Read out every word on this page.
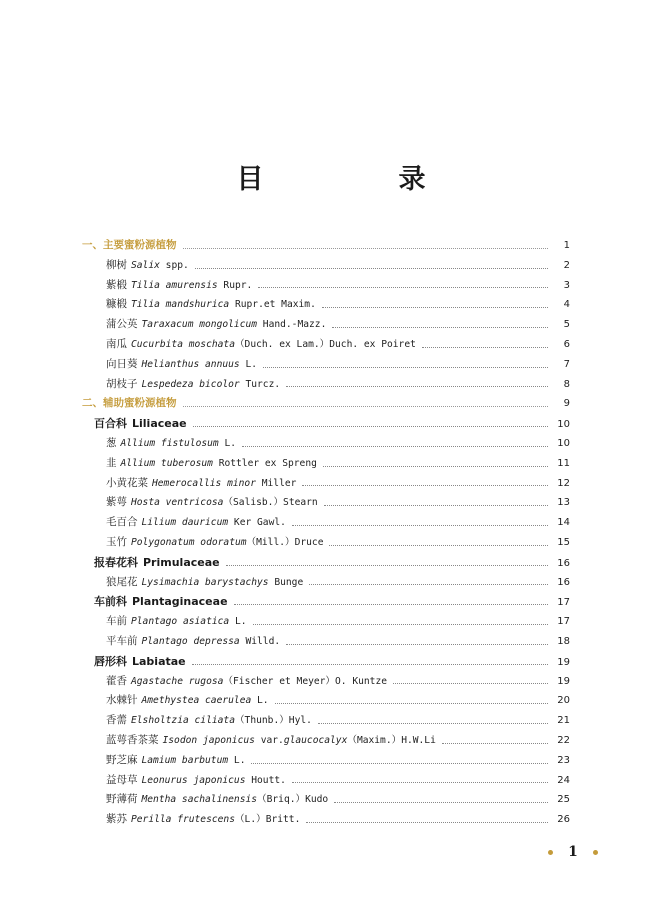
目　录
一、主要蜜粉源植物	1
柳树 Salix spp.	2
紫椴 Tilia amurensis Rupr.	3
糠椴 Tilia mandshurica Rupr.et Maxim.	4
蒲公英 Taraxacum mongolicum Hand.-Mazz.	5
南瓜 Cucurbita moschata（Duch. ex Lam.）Duch. ex Poiret	6
向日葵 Helianthus annuus L.	7
胡枝子 Lespedeza bicolor Turcz.	8
二、辅助蜜粉源植物	9
百合科 Liliaceae	10
葱 Allium fistulosum L.	10
韭 Allium tuberosum Rottler ex Spreng	11
小黄花菜 Hemerocallis minor Miller	12
紫萼 Hosta ventricosa（Salisb.）Stearn	13
毛百合 Lilium dauricum Ker Gawl.	14
玉竹 Polygonatum odoratum（Mill.）Druce	15
报春花科 Primulaceae	16
狼尾花 Lysimachia barystachys Bunge	16
车前科 Plantaginaceae	17
车前 Plantago asiatica L.	17
平车前 Plantago depressa Willd.	18
唇形科 Labiatae	19
藿香 Agastache rugosa（Fischer et Meyer）O. Kuntze	19
水棘针 Amethystea caerulea L.	20
香薷 Elsholtzia ciliata（Thunb.）Hyl.	21
蓝萼香茶菜 Isodon japonicus var.glaucocalyx（Maxim.）H.W.Li	22
野芝麻 Lamium barbutum L.	23
益母草 Leonurus japonicus Houtt.	24
野薄荷 Mentha sachalinensis（Briq.）Kudo	25
紫苏 Perilla frutescens（L.）Britt.	26
1
